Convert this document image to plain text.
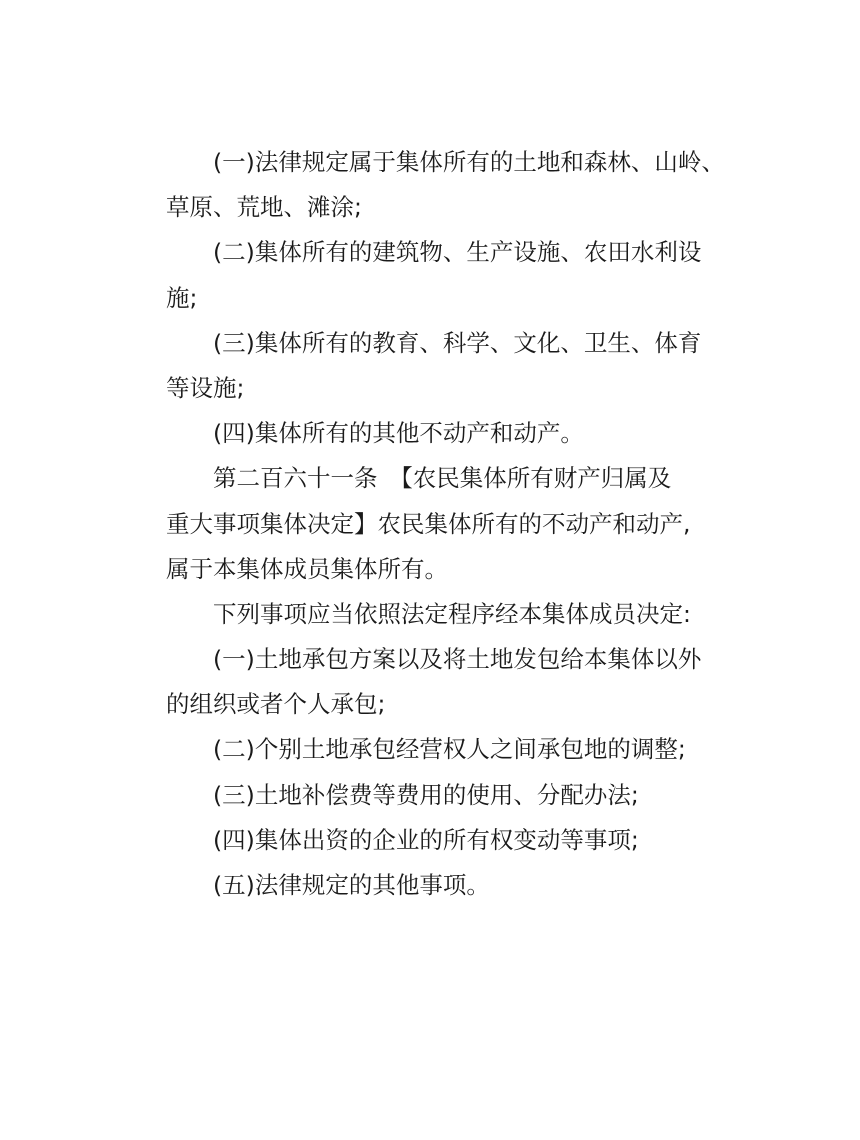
(一)法律规定属于集体所有的土地和森林、山岭、
草原、荒地、滩涂;
(二)集体所有的建筑物、生产设施、农田水利设
施;
(三)集体所有的教育、科学、文化、卫生、体育
等设施;
(四)集体所有的其他不动产和动产。
第二百六十一条　【农民集体所有财产归属及
重大事项集体决定】农民集体所有的不动产和动产,
属于本集体成员集体所有。
下列事项应当依照法定程序经本集体成员决定:
(一)土地承包方案以及将土地发包给本集体以外
的组织或者个人承包;
(二)个别土地承包经营权人之间承包地的调整;
(三)土地补偿费等费用的使用、分配办法;
(四)集体出资的企业的所有权变动等事项;
(五)法律规定的其他事项。
